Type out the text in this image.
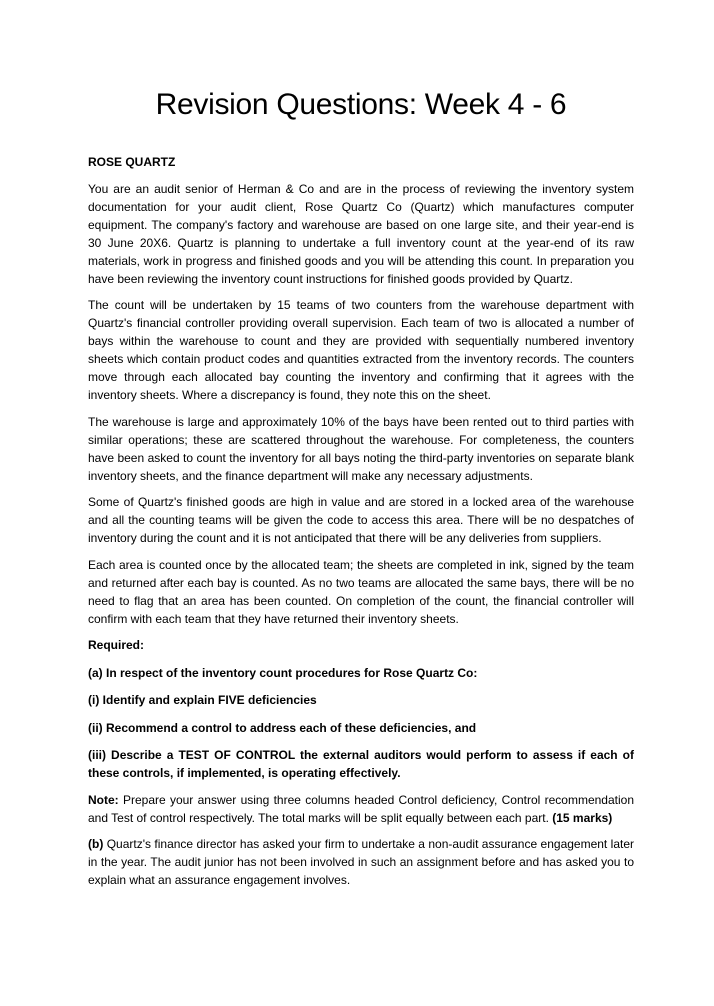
Revision Questions: Week 4 - 6

ROSE QUARTZ

You are an audit senior of Herman & Co and are in the process of reviewing the inventory system documentation for your audit client, Rose Quartz Co (Quartz) which manufactures computer equipment. The company's factory and warehouse are based on one large site, and their year-end is 30 June 20X6. Quartz is planning to undertake a full inventory count at the year-end of its raw materials, work in progress and finished goods and you will be attending this count. In preparation you have been reviewing the inventory count instructions for finished goods provided by Quartz.

The count will be undertaken by 15 teams of two counters from the warehouse department with Quartz's financial controller providing overall supervision. Each team of two is allocated a number of bays within the warehouse to count and they are provided with sequentially numbered inventory sheets which contain product codes and quantities extracted from the inventory records. The counters move through each allocated bay counting the inventory and confirming that it agrees with the inventory sheets. Where a discrepancy is found, they note this on the sheet.

The warehouse is large and approximately 10% of the bays have been rented out to third parties with similar operations; these are scattered throughout the warehouse. For completeness, the counters have been asked to count the inventory for all bays noting the third-party inventories on separate blank inventory sheets, and the finance department will make any necessary adjustments.

Some of Quartz's finished goods are high in value and are stored in a locked area of the warehouse and all the counting teams will be given the code to access this area. There will be no despatches of inventory during the count and it is not anticipated that there will be any deliveries from suppliers.

Each area is counted once by the allocated team; the sheets are completed in ink, signed by the team and returned after each bay is counted. As no two teams are allocated the same bays, there will be no need to flag that an area has been counted. On completion of the count, the financial controller will confirm with each team that they have returned their inventory sheets.

Required:

(a) In respect of the inventory count procedures for Rose Quartz Co:

(i) Identify and explain FIVE deficiencies

(ii) Recommend a control to address each of these deficiencies, and

(iii) Describe a TEST OF CONTROL the external auditors would perform to assess if each of these controls, if implemented, is operating effectively.

Note: Prepare your answer using three columns headed Control deficiency, Control recommendation and Test of control respectively. The total marks will be split equally between each part. (15 marks)

(b) Quartz's finance director has asked your firm to undertake a non-audit assurance engagement later in the year. The audit junior has not been involved in such an assignment before and has asked you to explain what an assurance engagement involves.
